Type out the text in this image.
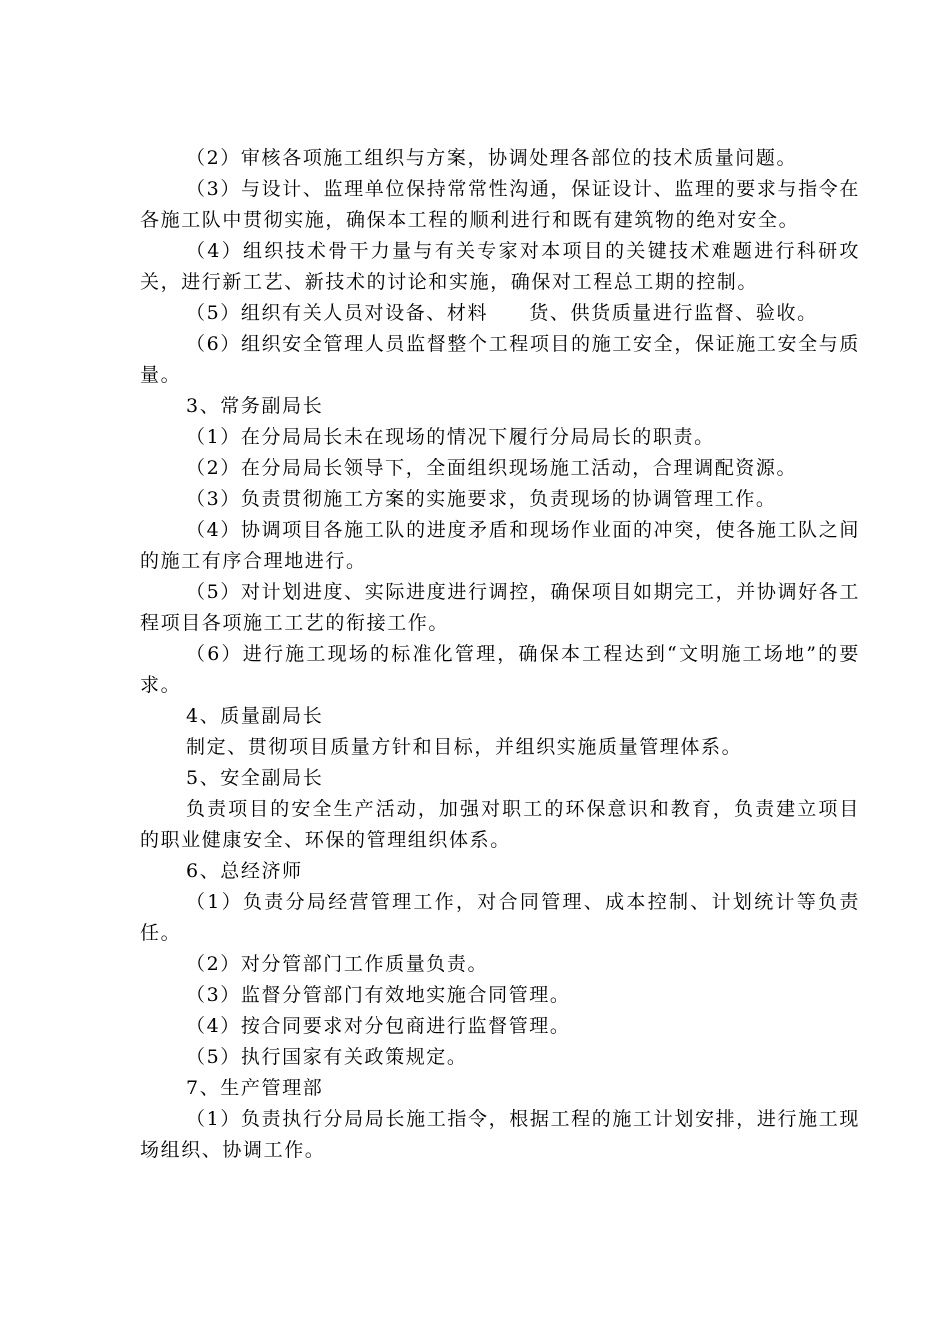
（2）审核各项施工组织与方案，协调处理各部位的技术质量问题。

（3）与设计、监理单位保持常常性沟通，保证设计、监理的要求与指令在各施工队中贯彻实施，确保本工程的顺利进行和既有建筑物的绝对安全。

（4）组织技术骨干力量与有关专家对本项目的关键技术难题进行科研攻关，进行新工艺、新技术的讨论和实施，确保对工程总工期的控制。

（5）组织有关人员对设备、材料　　货、供货质量进行监督、验收。

（6）组织安全管理人员监督整个工程项目的施工安全，保证施工安全与质量。

3、常务副局长

（1）在分局局长未在现场的情况下履行分局局长的职责。

（2）在分局局长领导下，全面组织现场施工活动，合理调配资源。

（3）负责贯彻施工方案的实施要求，负责现场的协调管理工作。

（4）协调项目各施工队的进度矛盾和现场作业面的冲突，使各施工队之间的施工有序合理地进行。

（5）对计划进度、实际进度进行调控，确保项目如期完工，并协调好各工程项目各项施工工艺的衔接工作。

（6）进行施工现场的标准化管理，确保本工程达到“文明施工场地”的要求。

4、质量副局长

制定、贯彻项目质量方针和目标，并组织实施质量管理体系。

5、安全副局长

负责项目的安全生产活动，加强对职工的环保意识和教育，负责建立项目的职业健康安全、环保的管理组织体系。

6、总经济师

（1）负责分局经营管理工作，对合同管理、成本控制、计划统计等负责任。

（2）对分管部门工作质量负责。

（3）监督分管部门有效地实施合同管理。

（4）按合同要求对分包商进行监督管理。

（5）执行国家有关政策规定。

7、生产管理部

（1）负责执行分局局长施工指令，根据工程的施工计划安排，进行施工现场组织、协调工作。
